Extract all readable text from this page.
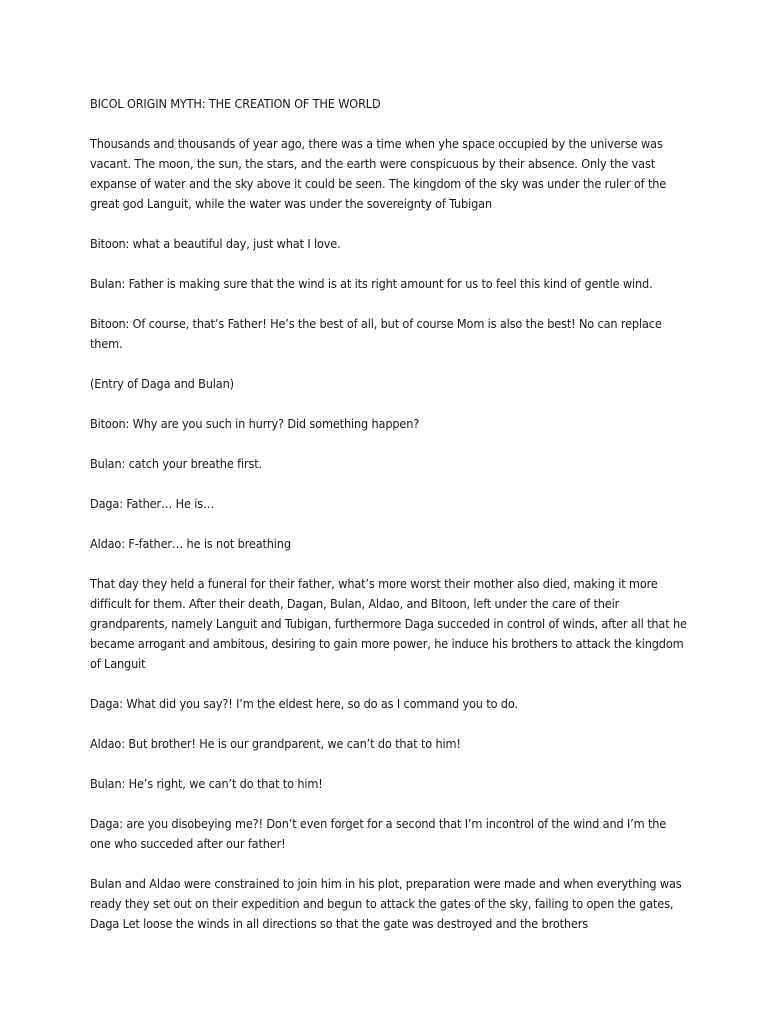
BICOL ORIGIN MYTH: THE CREATION OF THE WORLD

Thousands and thousands of year ago, there was a time when yhe space occupied by the universe was vacant. The moon, the sun, the stars, and the earth were conspicuous by their absence. Only the vast expanse of water and the sky above it could be seen. The kingdom of the sky was under the ruler of the great god Languit, while the water was under the sovereignty of Tubigan

Bitoon: what a beautiful day, just what I love.

Bulan: Father is making sure that the wind is at its right amount for us to feel this kind of gentle wind.

Bitoon: Of course, that’s Father! He’s the best of all, but of course Mom is also the best! No can replace them.

(Entry of Daga and Bulan)

Bitoon: Why are you such in hurry? Did something happen?

Bulan: catch your breathe first.

Daga: Father… He is…

Aldao: F-father… he is not breathing

That day they held a funeral for their father, what’s more worst their mother also died, making it more difficult for them. After their death, Dagan, Bulan, Aldao, and BItoon, left under the care of their grandparents, namely Languit and Tubigan, furthermore Daga succeded in control of winds, after all that he became arrogant and ambitous, desiring to gain more power, he induce his brothers to attack the kingdom of Languit

Daga: What did you say?! I’m the eldest here, so do as I command you to do.

Aldao: But brother! He is our grandparent, we can’t do that to him!

Bulan: He’s right, we can’t do that to him!

Daga: are you disobeying me?! Don’t even forget for a second that I’m incontrol of the wind and I’m the one who succeded after our father!

Bulan and Aldao were constrained to join him in his plot, preparation were made and when everything was ready they set out on their expedition and begun to attack the gates of the sky, failing to open the gates, Daga Let loose the winds in all directions so that the gate was destroyed and the brothers
